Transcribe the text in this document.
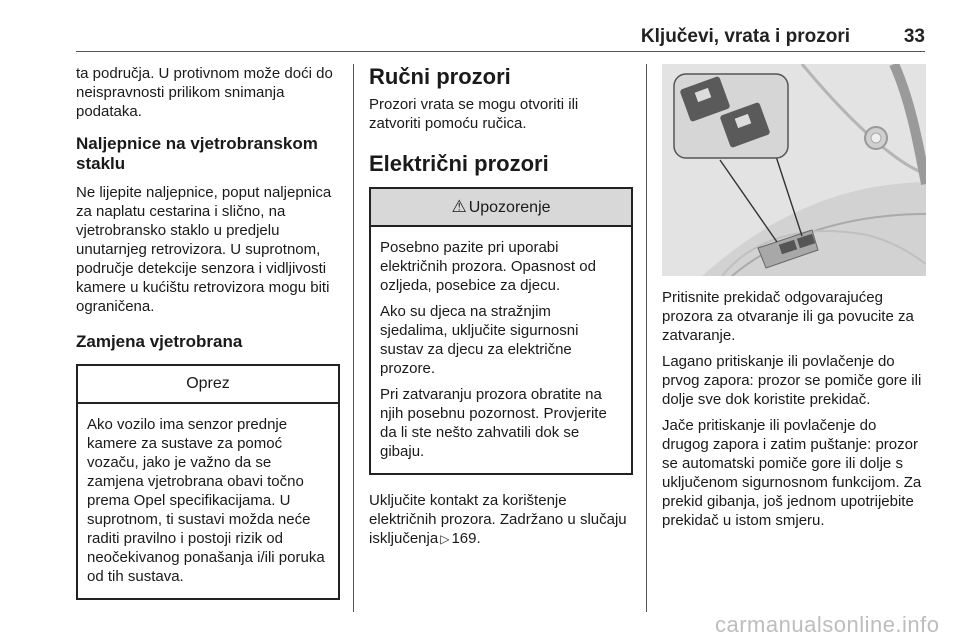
Ključevi, vrata i prozori	33

ta područja. U protivnom može doći do neispravnosti prilikom snimanja podataka.

Naljepnice na vjetrobranskom staklu

Ne lijepite naljepnice, poput naljepnica za naplatu cestarina i slično, na vjetrobransko staklo u predjelu unutarnjeg retrovizora. U suprotnom, područje detekcije senzora i vidljivosti kamere u kućištu retrovizora mogu biti ograničena.

Zamjena vjetrobrana
Oprez

Ako vozilo ima senzor prednje kamere za sustave za pomoć vozaču, jako je važno da se zamjena vjetrobrana obavi točno prema Opel specifikacijama. U suprotnom, ti sustavi možda neće raditi pravilno i postoji rizik od neočekivanog ponašanja i/ili poruka od tih sustava.

Ručni prozori

Prozori vrata se mogu otvoriti ili zatvoriti pomoću ručica.

Električni prozori
⚠ Upozorenje

Posebno pazite pri uporabi električnih prozora. Opasnost od ozljeda, posebice za djecu.

Ako su djeca na stražnjim sjedalima, uključite sigurnosni sustav za djecu za električne prozore.

Pri zatvaranju prozora obratite na njih posebnu pozornost. Provjerite da li ste nešto zahvatili dok se gibaju.

Uključite kontakt za korištenje električnih prozora. Zadržano u slučaju isključenja ▷ 169.

Pritisnite prekidač odgovarajućeg prozora za otvaranje ili ga povucite za zatvaranje.

Lagano pritiskanje ili povlačenje do prvog zapora: prozor se pomiče gore ili dolje sve dok koristite prekidač.

Jače pritiskanje ili povlačenje do drugog zapora i zatim puštanje: prozor se automatski pomiče gore ili dolje s uključenom sigurnosnom funkcijom. Za prekid gibanja, još jednom upotrijebite prekidač u istom smjeru.

carmanualsonline.info
